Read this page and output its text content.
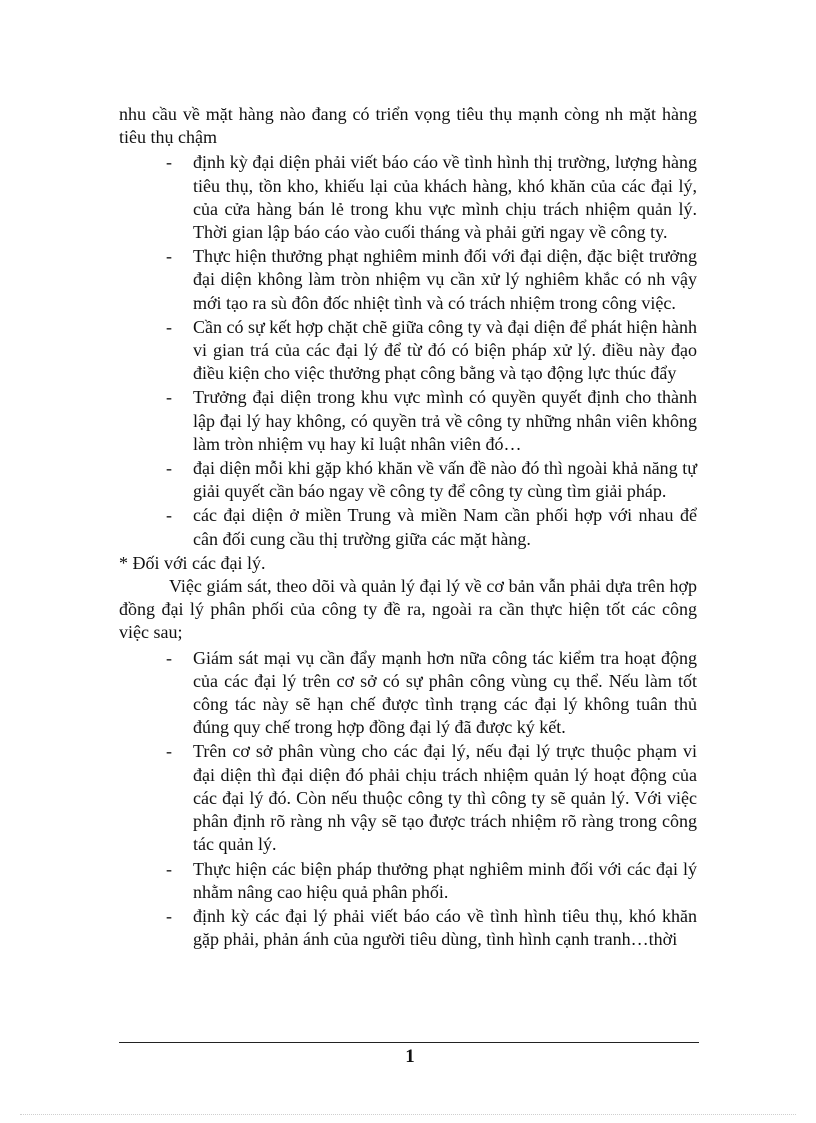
nhu cầu về mặt hàng nào đang có triển vọng tiêu thụ mạnh còng nh mặt hàng tiêu thụ chậm

- định kỳ đại diện phải viết báo cáo về tình hình thị trường, lượng hàng tiêu thụ, tồn kho, khiếu lại của khách hàng, khó khăn của các đại lý, của cửa hàng bán lẻ trong khu vực mình chịu trách nhiệm quản lý. Thời gian lập báo cáo vào cuối tháng và phải gửi ngay về công ty.
- Thực hiện thưởng phạt nghiêm minh đối với đại diện, đặc biệt trưởng đại diện không làm tròn nhiệm vụ cần xử lý nghiêm khắc có nh vậy mới tạo ra sù đôn đốc nhiệt tình và có trách nhiệm trong công việc.
- Cần có sự kết hợp chặt chẽ giữa công ty và đại diện để phát hiện hành vi gian trá của các đại lý để từ đó có biện pháp xử lý. điều này đạo điều kiện cho việc thưởng phạt công bằng và tạo động lực thúc đẩy
- Trưởng đại diện trong khu vực mình có quyền quyết định cho thành lập đại lý hay không, có quyền trả về công ty những nhân viên không làm tròn nhiệm vụ hay kỉ luật nhân viên đó…
- đại diện mỗi khi gặp khó khăn về vấn đề nào đó thì ngoài khả năng tự giải quyết cần báo ngay về công ty để công ty cùng tìm giải pháp.
- các đại diện ở miền Trung và miền Nam cần phối hợp với nhau để cân đối cung cầu thị trường giữa các mặt hàng.

* Đối với các đại lý.

Việc giám sát, theo dõi và quản lý đại lý về cơ bản vẫn phải dựa trên hợp đồng đại lý phân phối của công ty đề ra, ngoài ra cần thực hiện tốt các công việc sau;

- Giám sát mại vụ cần đẩy mạnh hơn nữa công tác kiểm tra hoạt động của các đại lý trên cơ sở có sự phân công vùng cụ thể. Nếu làm tốt công tác này sẽ hạn chế được tình trạng các đại lý không tuân thủ đúng quy chế trong hợp đồng đại lý đã được ký kết.
- Trên cơ sở phân vùng cho các đại lý, nếu đại lý trực thuộc phạm vi đại diện thì đại diện đó phải chịu trách nhiệm quản lý hoạt động của các đại lý đó. Còn nếu thuộc công ty thì công ty sẽ quản lý. Với việc phân định rõ ràng nh vậy sẽ tạo được trách nhiệm rõ ràng trong công tác quản lý.
- Thực hiện các biện pháp thưởng phạt nghiêm minh đối với các đại lý nhằm nâng cao hiệu quả phân phối.
- định kỳ các đại lý phải viết báo cáo về tình hình tiêu thụ, khó khăn gặp phải, phản ánh của người tiêu dùng, tình hình cạnh tranh…thời
1
